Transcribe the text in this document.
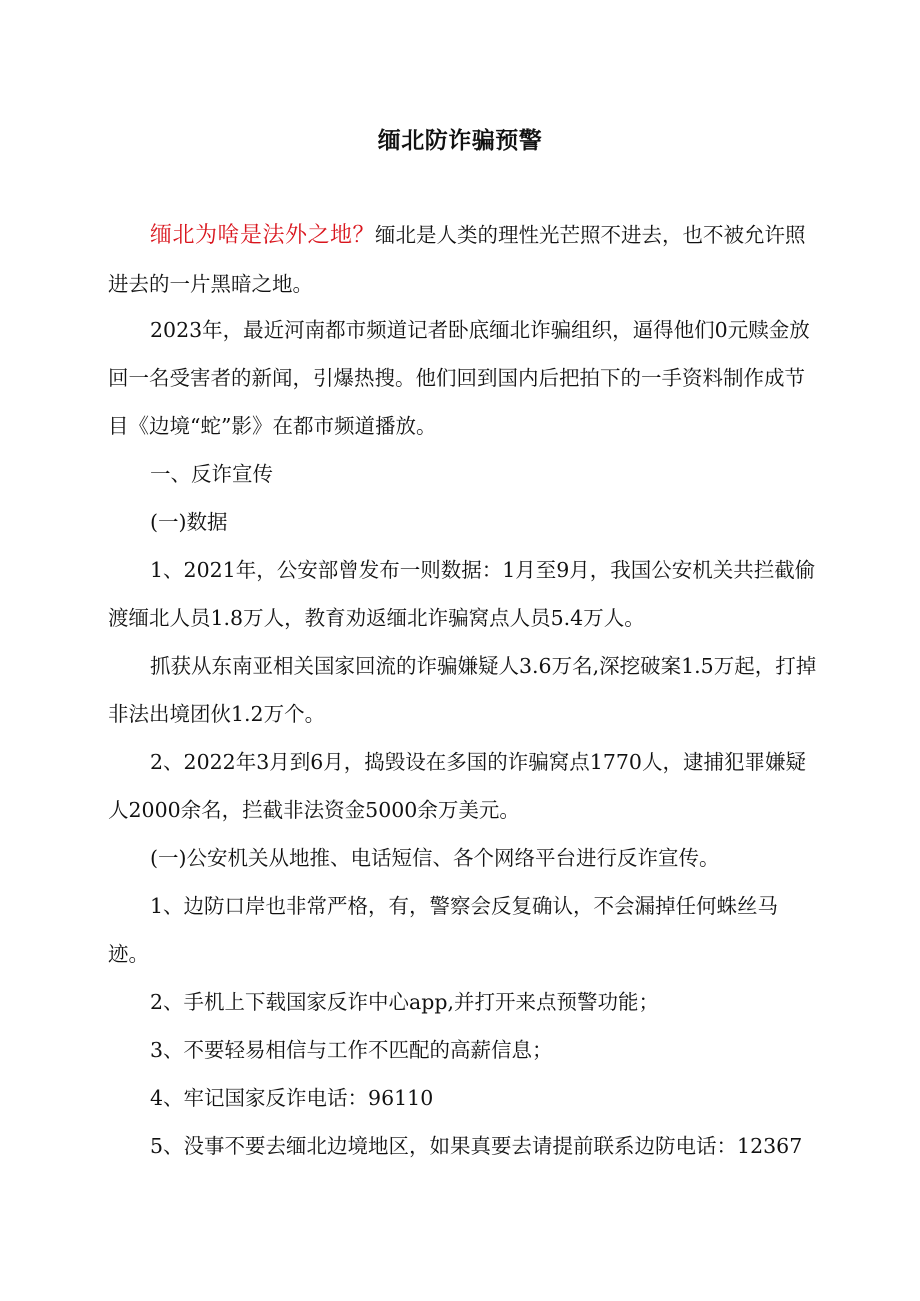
缅北防诈骗预警

缅北为啥是法外之地？缅北是人类的理性光芒照不进去，也不被允许照进去的一片黑暗之地。

2023年，最近河南都市频道记者卧底缅北诈骗组织，逼得他们0元赎金放回一名受害者的新闻，引爆热搜。他们回到国内后把拍下的一手资料制作成节目《边境“蛇”影》在都市频道播放。

一、反诈宣传

(一)数据

1、2021年，公安部曾发布一则数据：1月至9月，我国公安机关共拦截偷渡缅北人员1.8万人，教育劝返缅北诈骗窝点人员5.4万人。

抓获从东南亚相关国家回流的诈骗嫌疑人3.6万名,深挖破案1.5万起，打掉非法出境团伙1.2万个。

2、2022年3月到6月，捣毁设在多国的诈骗窝点1770人，逮捕犯罪嫌疑人2000余名，拦截非法资金5000余万美元。

(一)公安机关从地推、电话短信、各个网络平台进行反诈宣传。

1、边防口岸也非常严格，有，警察会反复确认，不会漏掉任何蛛丝马迹。

2、手机上下载国家反诈中心app,并打开来点预警功能；

3、不要轻易相信与工作不匹配的高薪信息；

4、牢记国家反诈电话：96110

5、没事不要去缅北边境地区，如果真要去请提前联系边防电话：12367
